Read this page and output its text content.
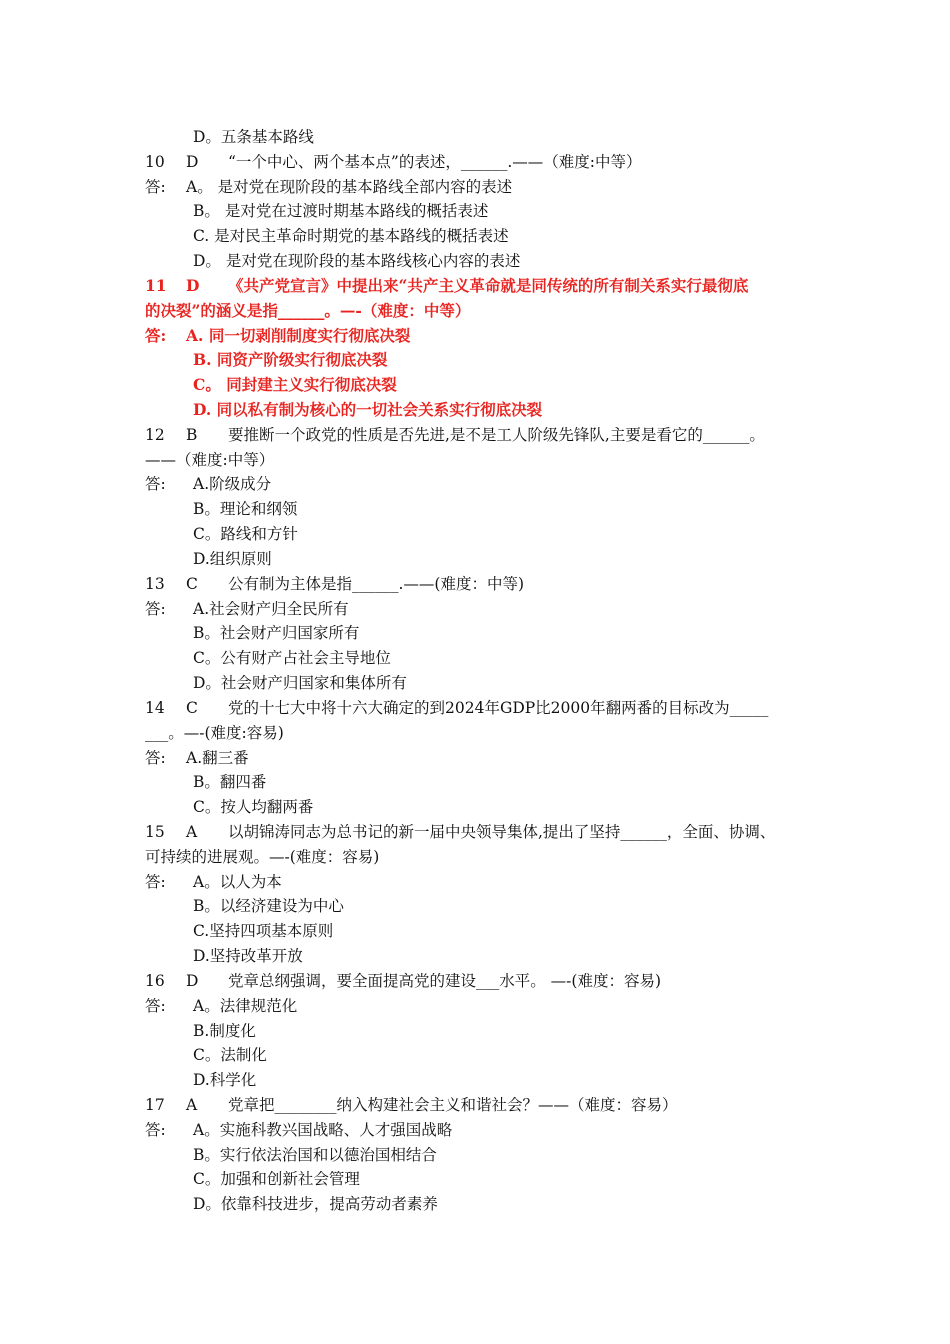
D。五条基本路线
10 D “一个中心、两个基本点”的表述，______.——（难度:中等）
答: A。 是对党在现阶段的基本路线全部内容的表述
B。 是对党在过渡时期基本路线的概括表述
C. 是对民主革命时期党的基本路线的概括表述
D。 是对党在现阶段的基本路线核心内容的表述
11 D 《共产党宣言》中提出来“共产主义革命就是同传统的所有制关系实行最彻底
的决裂”的涵义是指______。—-（难度：中等）
答: A. 同一切剥削制度实行彻底决裂
B. 同资产阶级实行彻底决裂
C。 同封建主义实行彻底决裂
D. 同以私有制为核心的一切社会关系实行彻底决裂
12 B 要推断一个政党的性质是否先进,是不是工人阶级先锋队,主要是看它的______。
——（难度:中等）
答: A.阶级成分
B。理论和纲领
C。路线和方针
D.组织原则
13 C 公有制为主体是指______.——(难度：中等)
答: A.社会财产归全民所有
B。社会财产归国家所有
C。公有财产占社会主导地位
D。社会财产归国家和集体所有
14 C 党的十七大中将十六大确定的到2024年GDP比2000年翻两番的目标改为_____
___。—-(难度:容易)
答: A.翻三番
B。翻四番
C。按人均翻两番
15 A 以胡锦涛同志为总书记的新一届中央领导集体,提出了坚持______，全面、协调、
可持续的进展观。—-(难度：容易)
答: A。以人为本
B。以经济建设为中心
C.坚持四项基本原则
D.坚持改革开放
16 D 党章总纲强调，要全面提高党的建设___水平。 —-(难度：容易)
答: A。法律规范化
B.制度化
C。法制化
D.科学化
17 A 党章把________纳入构建社会主义和谐社会？——（难度：容易）
答: A。实施科教兴国战略、人才强国战略
B。实行依法治国和以德治国相结合
C。加强和创新社会管理
D。依靠科技进步，提高劳动者素养
